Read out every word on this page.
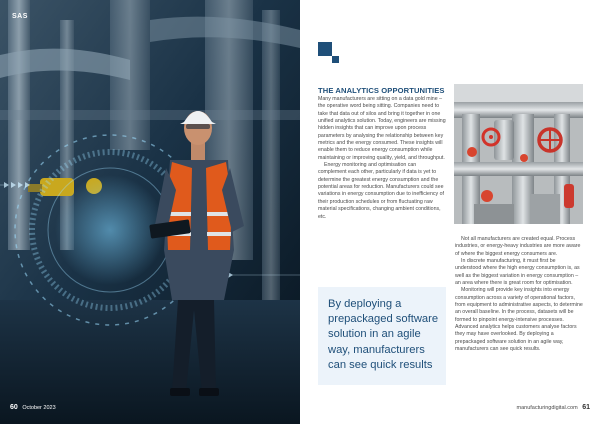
SAS
60 October 2023
THE ANALYTICS OPPORTUNITIES

Many manufacturers are sitting on a data gold mine – the operative word being sitting. Companies need to take that data out of silos and bring it together in one unified analytics solution. Today, engineers are missing hidden insights that can improve upon process parameters by analysing the relationship between key metrics and the energy consumed. These insights will enable them to reduce energy consumption while maintaining or improving quality, yield, and throughput.

Energy monitoring and optimisation can complement each other, particularly if data is yet to determine the greatest energy consumption and the potential areas for reduction. Manufacturers could see variations in energy consumption due to inefficiency of their production schedules or from fluctuating raw material specifications, changing ambient conditions, etc.

By deploying a prepackaged software solution in an agile way, manufacturers can see quick results

Not all manufacturers are created equal. Process industries, or energy-heavy industries are more aware of where the biggest energy consumers are.

In discrete manufacturing, it must first be understood where the high energy consumption is, as well as the biggest variation in energy consumption – an area where there is great room for optimisation.

Monitoring will provide key insights into energy consumption across a variety of operational factors, from equipment to administrative aspects, to determine an overall baseline. In the process, datasets will be formed to pinpoint energy-intensive processes. Advanced analytics helps customers analyse factors they may have overlooked. By deploying a prepackaged software solution in an agile way, manufacturers can see quick results.

manufacturingdigital.com 61
